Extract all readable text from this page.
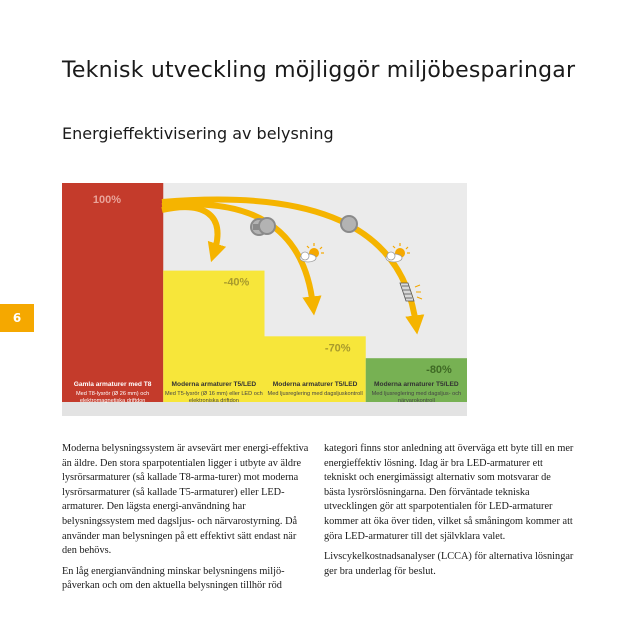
Teknisk utveckling möjliggör miljöbesparingar
Energieffektivisering av belysning
6
100%
-40%
-70%
-80%
Gamla armaturer med T8
Med T8-lysrör (Ø 26 mm) och elektromagnetiska driftdon
Moderna armaturer T5/LED
Med T5-lysrör (Ø 16 mm) eller LED och elektroniska driftdon
Moderna armaturer T5/LED
Med ljusreglering med dagsljuskontroll
Moderna armaturer T5/LED
Med ljusreglering med dagsljus- och närvarokontroll

Moderna belysningssystem är avsevärt mer energi-effektiva än äldre. Den stora sparpotentialen ligger i utbyte av äldre lysrörsarmaturer (så kallade T8-arma-turer) mot moderna lysrörsarmaturer (så kallade T5-armaturer) eller LED-armaturer. Den lägsta energi-användning har belysningssystem med dagsljus- och närvarostyrning. Då använder man belysningen på ett effektivt sätt endast när den behövs.

En låg energianvändning minskar belysningens miljö-påverkan och om den aktuella belysningen tillhör röd

kategori finns stor anledning att överväga ett byte till en mer energieffektiv lösning. Idag är bra LED-armaturer ett tekniskt och energimässigt alternativ som motsvarar de bästa lysrörslösningarna. Den förväntade tekniska utvecklingen gör att sparpotentialen för LED-armaturer kommer att öka över tiden, vilket så småningom kommer att göra LED-armaturer till det självklara valet.

Livscykelkostnadsanalyser (LCCA) för alternativa lösningar ger bra underlag för beslut.
